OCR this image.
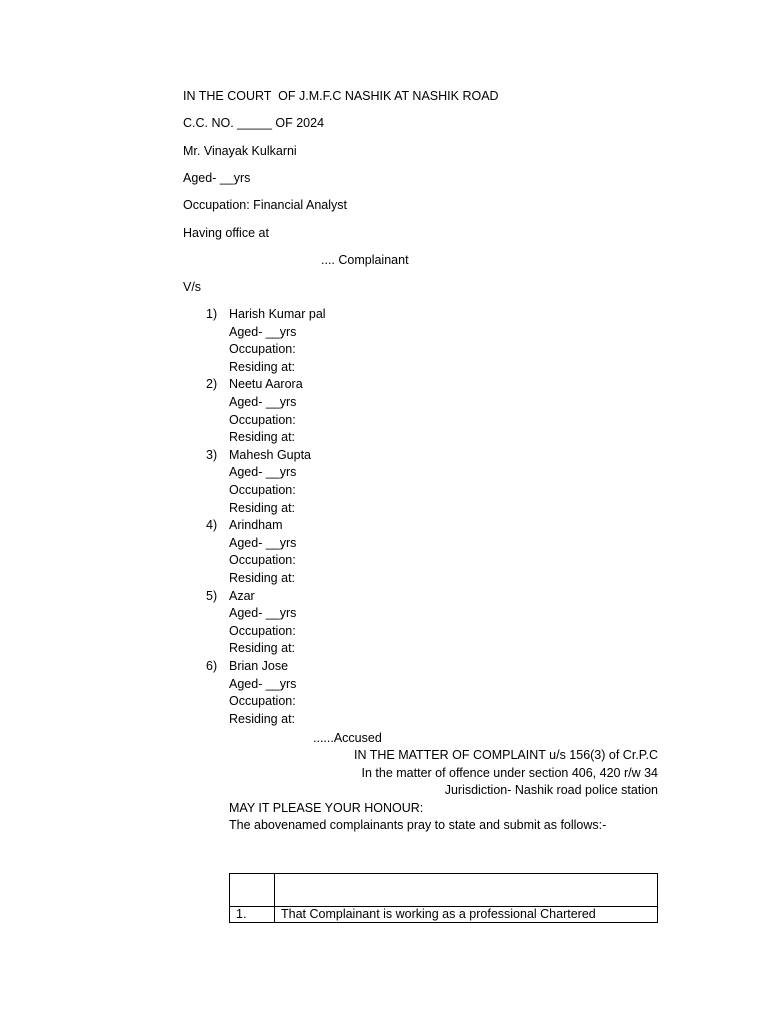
IN THE COURT  OF J.M.F.C NASHIK AT NASHIK ROAD
C.C. NO. _____ OF 2024
Mr. Vinayak Kulkarni
Aged- __yrs
Occupation: Financial Analyst
Having office at
.... Complainant
V/s
1) Harish Kumar pal
Aged- __yrs
Occupation:
Residing at:
2) Neetu Aarora
Aged- __yrs
Occupation:
Residing at:
3) Mahesh Gupta
Aged- __yrs
Occupation:
Residing at:
4) Arindham
Aged- __yrs
Occupation:
Residing at:
5) Azar
Aged- __yrs
Occupation:
Residing at:
6) Brian Jose
Aged- __yrs
Occupation:
Residing at:
......Accused
IN THE MATTER OF COMPLAINT u/s 156(3) of Cr.P.C
In the matter of offence under section 406, 420 r/w 34
Jurisdiction- Nashik road police station
MAY IT PLEASE YOUR HONOUR:
The abovenamed complainants pray to state and submit as follows:-

1.	That Complainant is working as a professional Chartered
